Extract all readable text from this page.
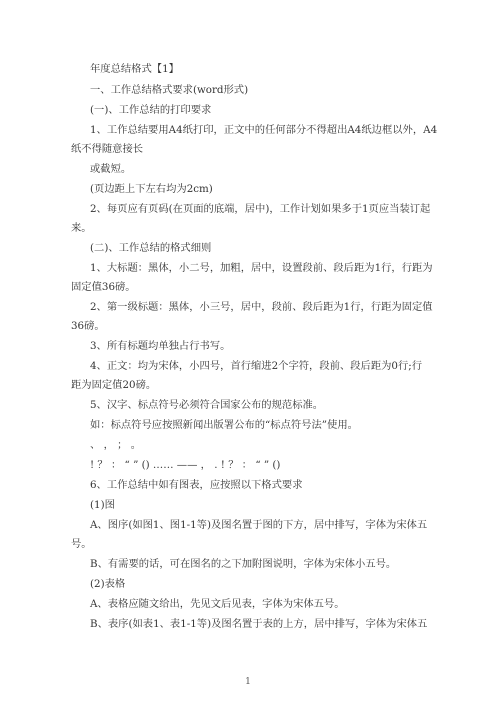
年度总结格式【1】
一、工作总结格式要求(word形式)
(一)、工作总结的打印要求
1、工作总结要用A4纸打印，正文中的任何部分不得超出A4纸边框以外，A4
纸不得随意接长
或截短。
(页边距上下左右均为2cm)
2、每页应有页码(在页面的底端，居中)，工作计划如果多于1页应当装订起
来。
(二)、工作总结的格式细则
1、大标题：黑体，小二号，加粗，居中，设置段前、段后距为1行，行距为
固定值36磅。
2、第一级标题：黑体，小三号，居中，段前、段后距为1行，行距为固定值
36磅。
3、所有标题均单独占行书写。
4、正文：均为宋体，小四号，首行缩进2个字符，段前、段后距为0行;行
距为固定值20磅。
5、汉字、标点符号必须符合国家公布的规范标准。
如：标点符号应按照新闻出版署公布的“标点符号法”使用。
、 ， ； 。
! ？ ： “ ” () …… —— ， . ! ？ ： “ ” ()
6、工作总结中如有图表，应按照以下格式要求
(1)图
A、图序(如图1、图1-1等)及图名置于图的下方，居中排写，字体为宋体五
号。
B、有需要的话，可在图名的之下加附图说明，字体为宋体小五号。
(2)表格
A、表格应随文给出，先见文后见表，字体为宋体五号。
B、表序(如表1、表1-1等)及图名置于表的上方，居中排写，字体为宋体五
1
